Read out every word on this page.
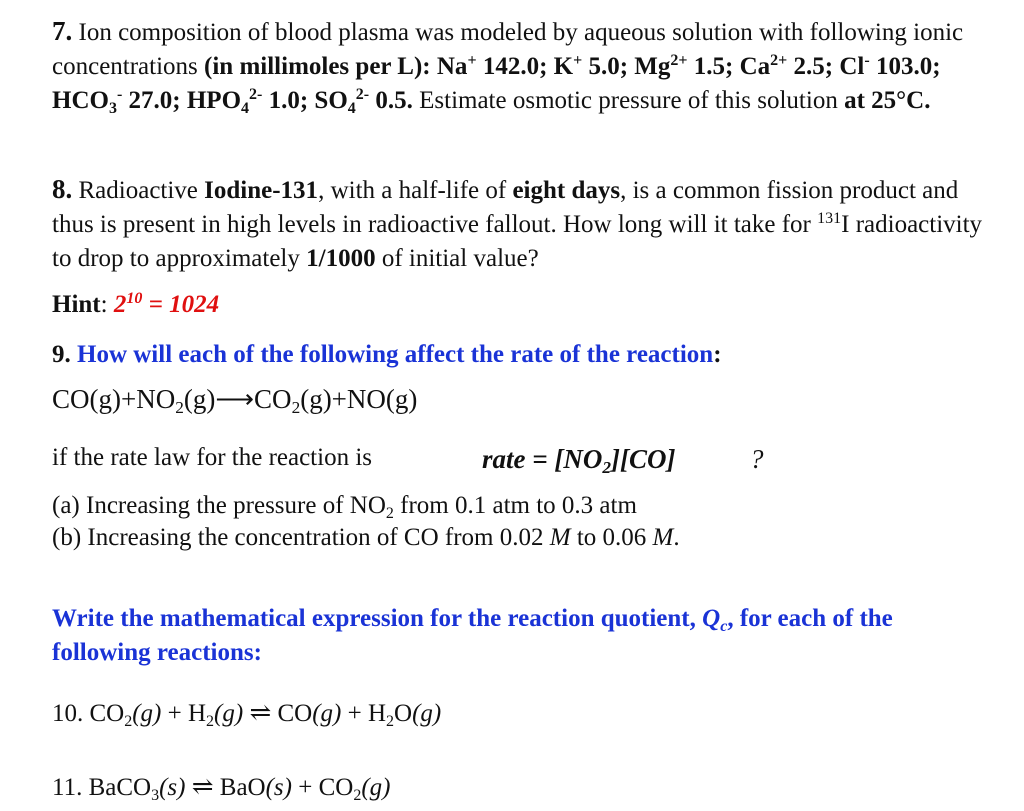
7. Ion composition of blood plasma was modeled by aqueous solution with following ionic concentrations (in millimoles per L): Na+ 142.0; K+ 5.0; $Mg^{2+}$ 1.5; $Ca^{2+}$ 2.5; Cl- 103.0; $HCO_3^-$ 27.0; $HPO_4^{2-}$ 1.0; $SO_4^{2-}$ 0.5. Estimate osmotic pressure of this solution at 25°C.
8. Radioactive Iodine-131, with a half-life of eight days, is a common fission product and thus is present in high levels in radioactive fallout. How long will it take for $^{131}$I radioactivity to drop to approximately 1/1000 of initial value?
Hint: $2^{10} = 1024$
9. How will each of the following affect the rate of the reaction:
$CO(g)+NO_2(g)⟶CO_2(g)+NO(g)$
if the rate law for the reaction is	rate = $[NO_2][CO]$	?
(a) Increasing the pressure of $NO_2$ from 0.1 atm to 0.3 atm
(b) Increasing the concentration of CO from 0.02 M to 0.06 M.
Write the mathematical expression for the reaction quotient, $Q_c$, for each of the following reactions:
10. $CO_2(g) + H_2(g)$ ⇌ $CO(g) + H_2O(g)$
11. BaCO$_3$(s) ⇌ $BaO(s) + CO_2(g)$
